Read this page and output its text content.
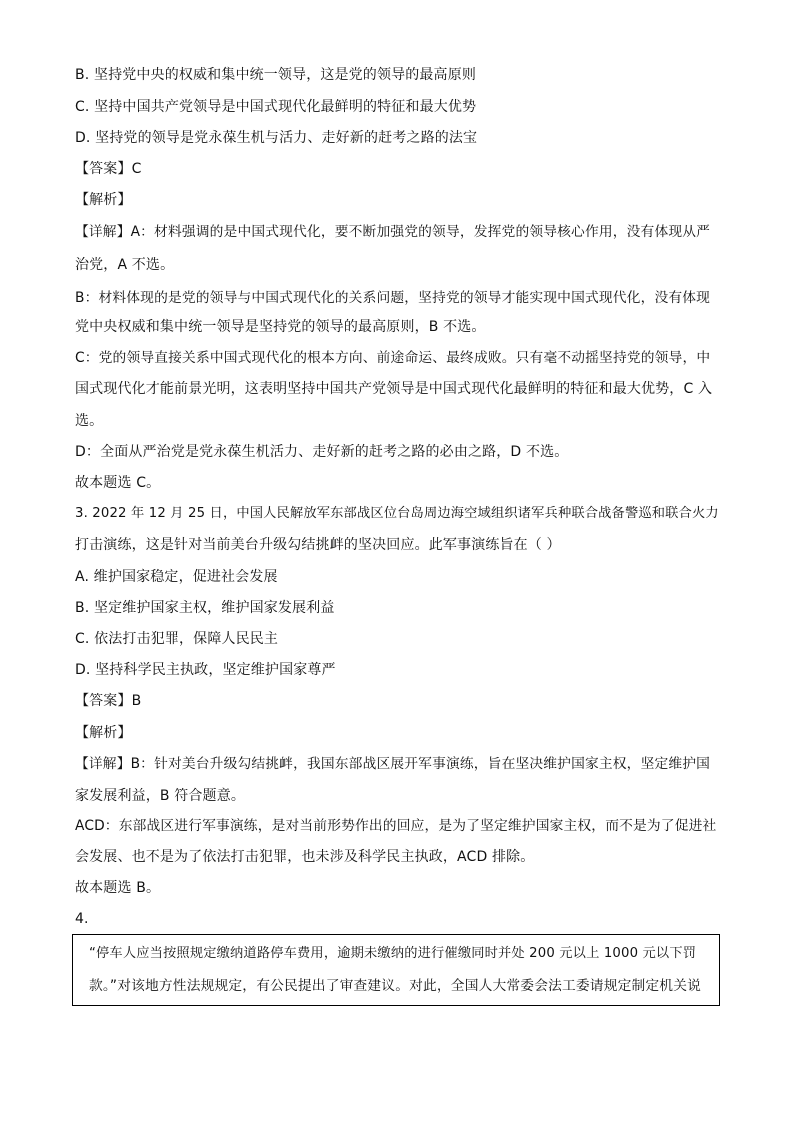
B. 坚持党中央的权威和集中统一领导，这是党的领导的最高原则
C. 坚持中国共产党领导是中国式现代化最鲜明的特征和最大优势
D. 坚持党的领导是党永葆生机与活力、走好新的赶考之路的法宝
【答案】C
【解析】
【详解】A：材料强调的是中国式现代化，要不断加强党的领导，发挥党的领导核心作用，没有体现从严
治党，A 不选。
B：材料体现的是党的领导与中国式现代化的关系问题，坚持党的领导才能实现中国式现代化，没有体现
党中央权威和集中统一领导是坚持党的领导的最高原则，B 不选。
C：党的领导直接关系中国式现代化的根本方向、前途命运、最终成败。只有毫不动摇坚持党的领导，中
国式现代化才能前景光明，这表明坚持中国共产党领导是中国式现代化最鲜明的特征和最大优势，C 入
选。
D：全面从严治党是党永葆生机活力、走好新的赶考之路的必由之路，D 不选。
故本题选 C。
3. 2022 年 12 月 25 日，中国人民解放军东部战区位台岛周边海空域组织诸军兵种联合战备警巡和联合火力
打击演练，这是针对当前美台升级勾结挑衅的坚决回应。此军事演练旨在（ ）
A. 维护国家稳定，促进社会发展
B. 坚定维护国家主权，维护国家发展利益
C. 依法打击犯罪，保障人民民主
D. 坚持科学民主执政，坚定维护国家尊严
【答案】B
【解析】
【详解】B：针对美台升级勾结挑衅，我国东部战区展开军事演练，旨在坚决维护国家主权，坚定维护国
家发展利益，B 符合题意。
ACD：东部战区进行军事演练，是对当前形势作出的回应，是为了坚定维护国家主权，而不是为了促进社
会发展、也不是为了依法打击犯罪，也未涉及科学民主执政，ACD 排除。
故本题选 B。
4.
“停车人应当按照规定缴纳道路停车费用，逾期未缴纳的进行催缴同时并处 200 元以上 1000 元以下罚
款。”对该地方性法规规定，有公民提出了审查建议。对此，全国人大常委会法工委请规定制定机关说
